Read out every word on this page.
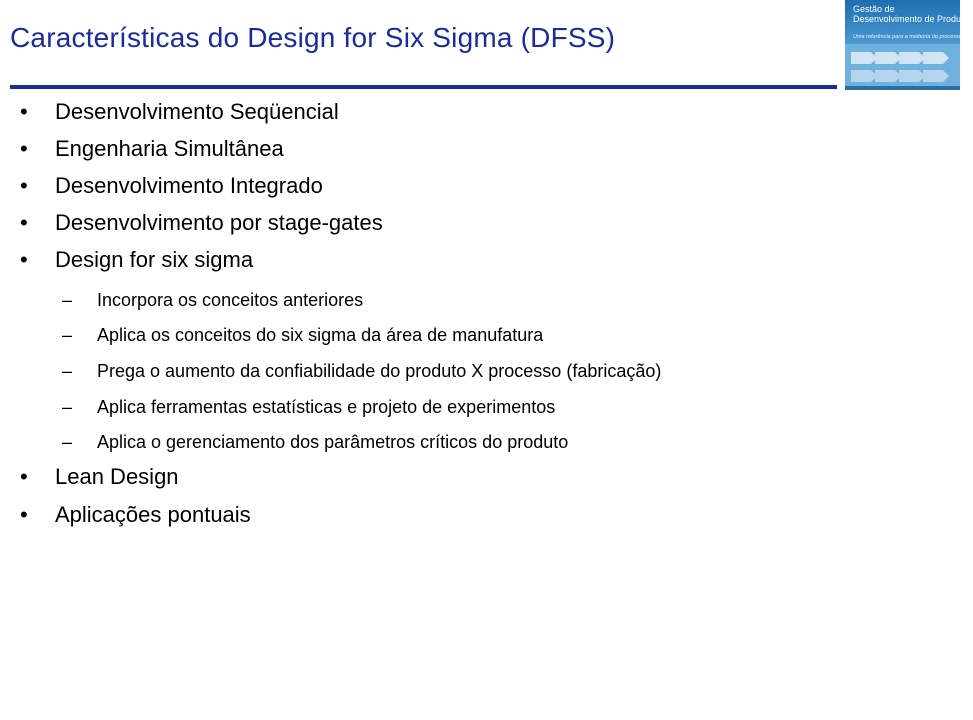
Características do Design for Six Sigma (DFSS)
Gestão de
Desenvolvimento de Produtos
Uma referência para a melhoria do processo
• Desenvolvimento Seqüencial
• Engenharia Simultânea
• Desenvolvimento Integrado
• Desenvolvimento por stage-gates
• Design for six sigma
– Incorpora os conceitos anteriores
– Aplica os conceitos do six sigma da área de manufatura
– Prega o aumento da confiabilidade do produto X processo (fabricação)
– Aplica ferramentas estatísticas e projeto de experimentos
– Aplica o gerenciamento dos parâmetros críticos do produto
• Lean Design
• Aplicações pontuais
